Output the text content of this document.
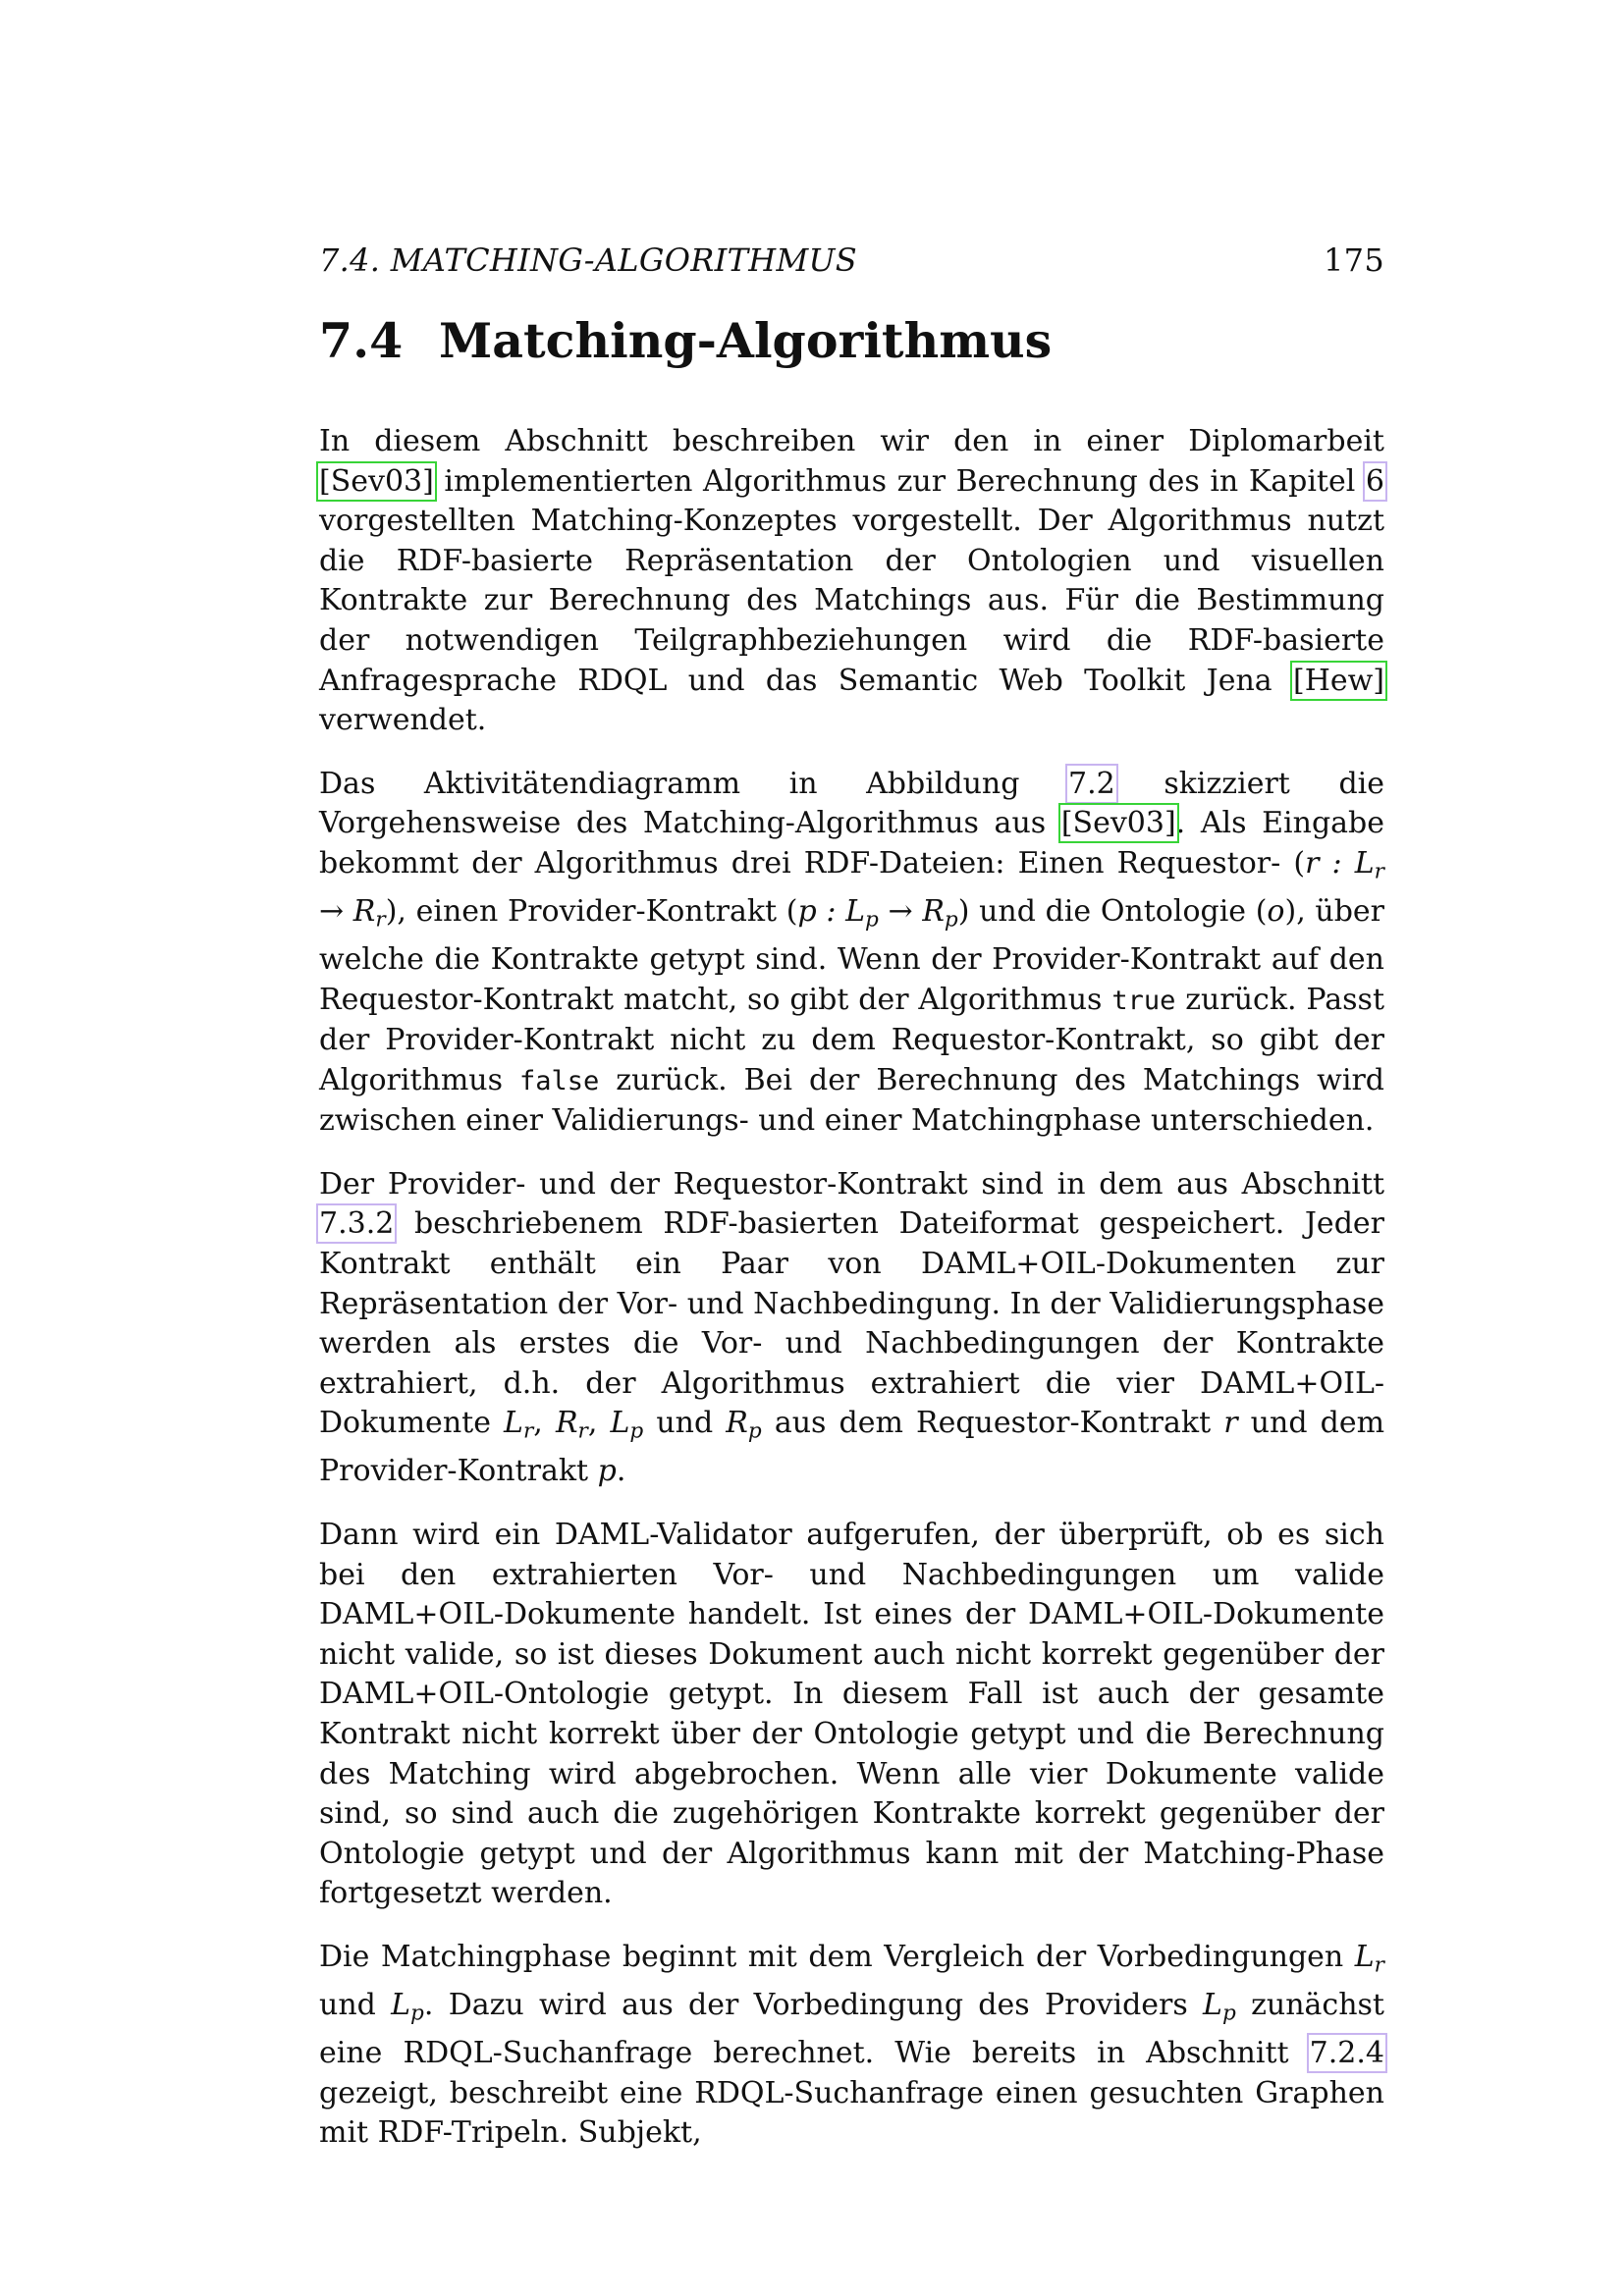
7.4. MATCHING-ALGORITHMUS	175
7.4 Matching-Algorithmus

In diesem Abschnitt beschreiben wir den in einer Diplomarbeit [Sev03] implementierten Algorithmus zur Berechnung des in Kapitel 6 vorgestellten Matching-Konzeptes vorgestellt. Der Algorithmus nutzt die RDF-basierte Repräsentation der Ontologien und visuellen Kontrakte zur Berechnung des Matchings aus. Für die Bestimmung der notwendigen Teilgraphbeziehungen wird die RDF-basierte Anfragesprache RDQL und das Semantic Web Toolkit Jena [Hew] verwendet.

Das Aktivitätendiagramm in Abbildung 7.2 skizziert die Vorgehensweise des Matching-Algorithmus aus [Sev03]. Als Eingabe bekommt der Algorithmus drei RDF-Dateien: Einen Requestor- (r : $L_r \to R_r$), einen Provider-Kontrakt (p : $L_p \to R_p$) und die Ontologie (o), über welche die Kontrakte getypt sind. Wenn der Provider-Kontrakt auf den Requestor-Kontrakt matcht, so gibt der Algorithmus true zurück. Passt der Provider-Kontrakt nicht zu dem Requestor-Kontrakt, so gibt der Algorithmus false zurück. Bei der Berechnung des Matchings wird zwischen einer Validierungs- und einer Matchingphase unterschieden.

Der Provider- und der Requestor-Kontrakt sind in dem aus Abschnitt 7.3.2 beschriebenem RDF-basierten Dateiformat gespeichert. Jeder Kontrakt enthält ein Paar von DAML+OIL-Dokumenten zur Repräsentation der Vor- und Nachbedingung. In der Validierungsphase werden als erstes die Vor- und Nachbedingungen der Kontrakte extrahiert, d.h. der Algorithmus extrahiert die vier DAML+OIL-Dokumente $L_r$, $R_r$, $L_p$ und $R_p$ aus dem Requestor-Kontrakt r und dem Provider-Kontrakt p.

Dann wird ein DAML-Validator aufgerufen, der überprüft, ob es sich bei den extrahierten Vor- und Nachbedingungen um valide DAML+OIL-Dokumente handelt. Ist eines der DAML+OIL-Dokumente nicht valide, so ist dieses Dokument auch nicht korrekt gegenüber der DAML+OIL-Ontologie getypt. In diesem Fall ist auch der gesamte Kontrakt nicht korrekt über der Ontologie getypt und die Berechnung des Matching wird abgebrochen. Wenn alle vier Dokumente valide sind, so sind auch die zugehörigen Kontrakte korrekt gegenüber der Ontologie getypt und der Algorithmus kann mit der Matching-Phase fortgesetzt werden.

Die Matchingphase beginnt mit dem Vergleich der Vorbedingungen $L_r$ und $L_p$. Dazu wird aus der Vorbedingung des Providers $L_p$ zunächst eine RDQL-Suchanfrage berechnet. Wie bereits in Abschnitt 7.2.4 gezeigt, beschreibt eine RDQL-Suchanfrage einen gesuchten Graphen mit RDF-Tripeln. Subjekt,
